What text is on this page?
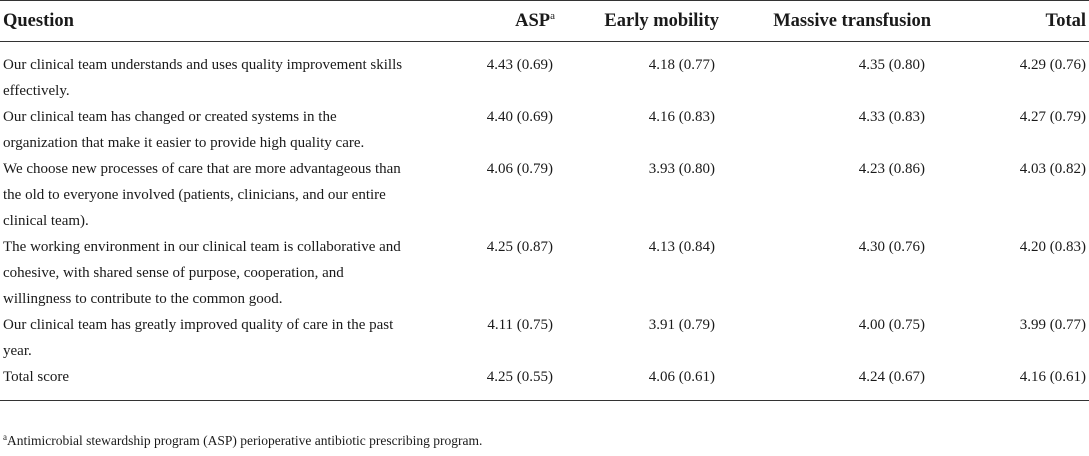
Question	ASP$^a$	Early mobility	Massive transfusion	Total
Our clinical team understands and uses quality improvement skills effectively.	4.43 (0.69)	4.18 (0.77)	4.35 (0.80)	4.29 (0.76)
Our clinical team has changed or created systems in the organization that make it easier to provide high quality care.	4.40 (0.69)	4.16 (0.83)	4.33 (0.83)	4.27 (0.79)
We choose new processes of care that are more advantageous than the old to everyone involved (patients, clinicians, and our entire clinical team).	4.06 (0.79)	3.93 (0.80)	4.23 (0.86)	4.03 (0.82)
The working environment in our clinical team is collaborative and cohesive, with shared sense of purpose, cooperation, and willingness to contribute to the common good.	4.25 (0.87)	4.13 (0.84)	4.30 (0.76)	4.20 (0.83)
Our clinical team has greatly improved quality of care in the past year.	4.11 (0.75)	3.91 (0.79)	4.00 (0.75)	3.99 (0.77)
Total score	4.25 (0.55)	4.06 (0.61)	4.24 (0.67)	4.16 (0.61)
$^a$Antimicrobial stewardship program (ASP) perioperative antibiotic prescribing program.
